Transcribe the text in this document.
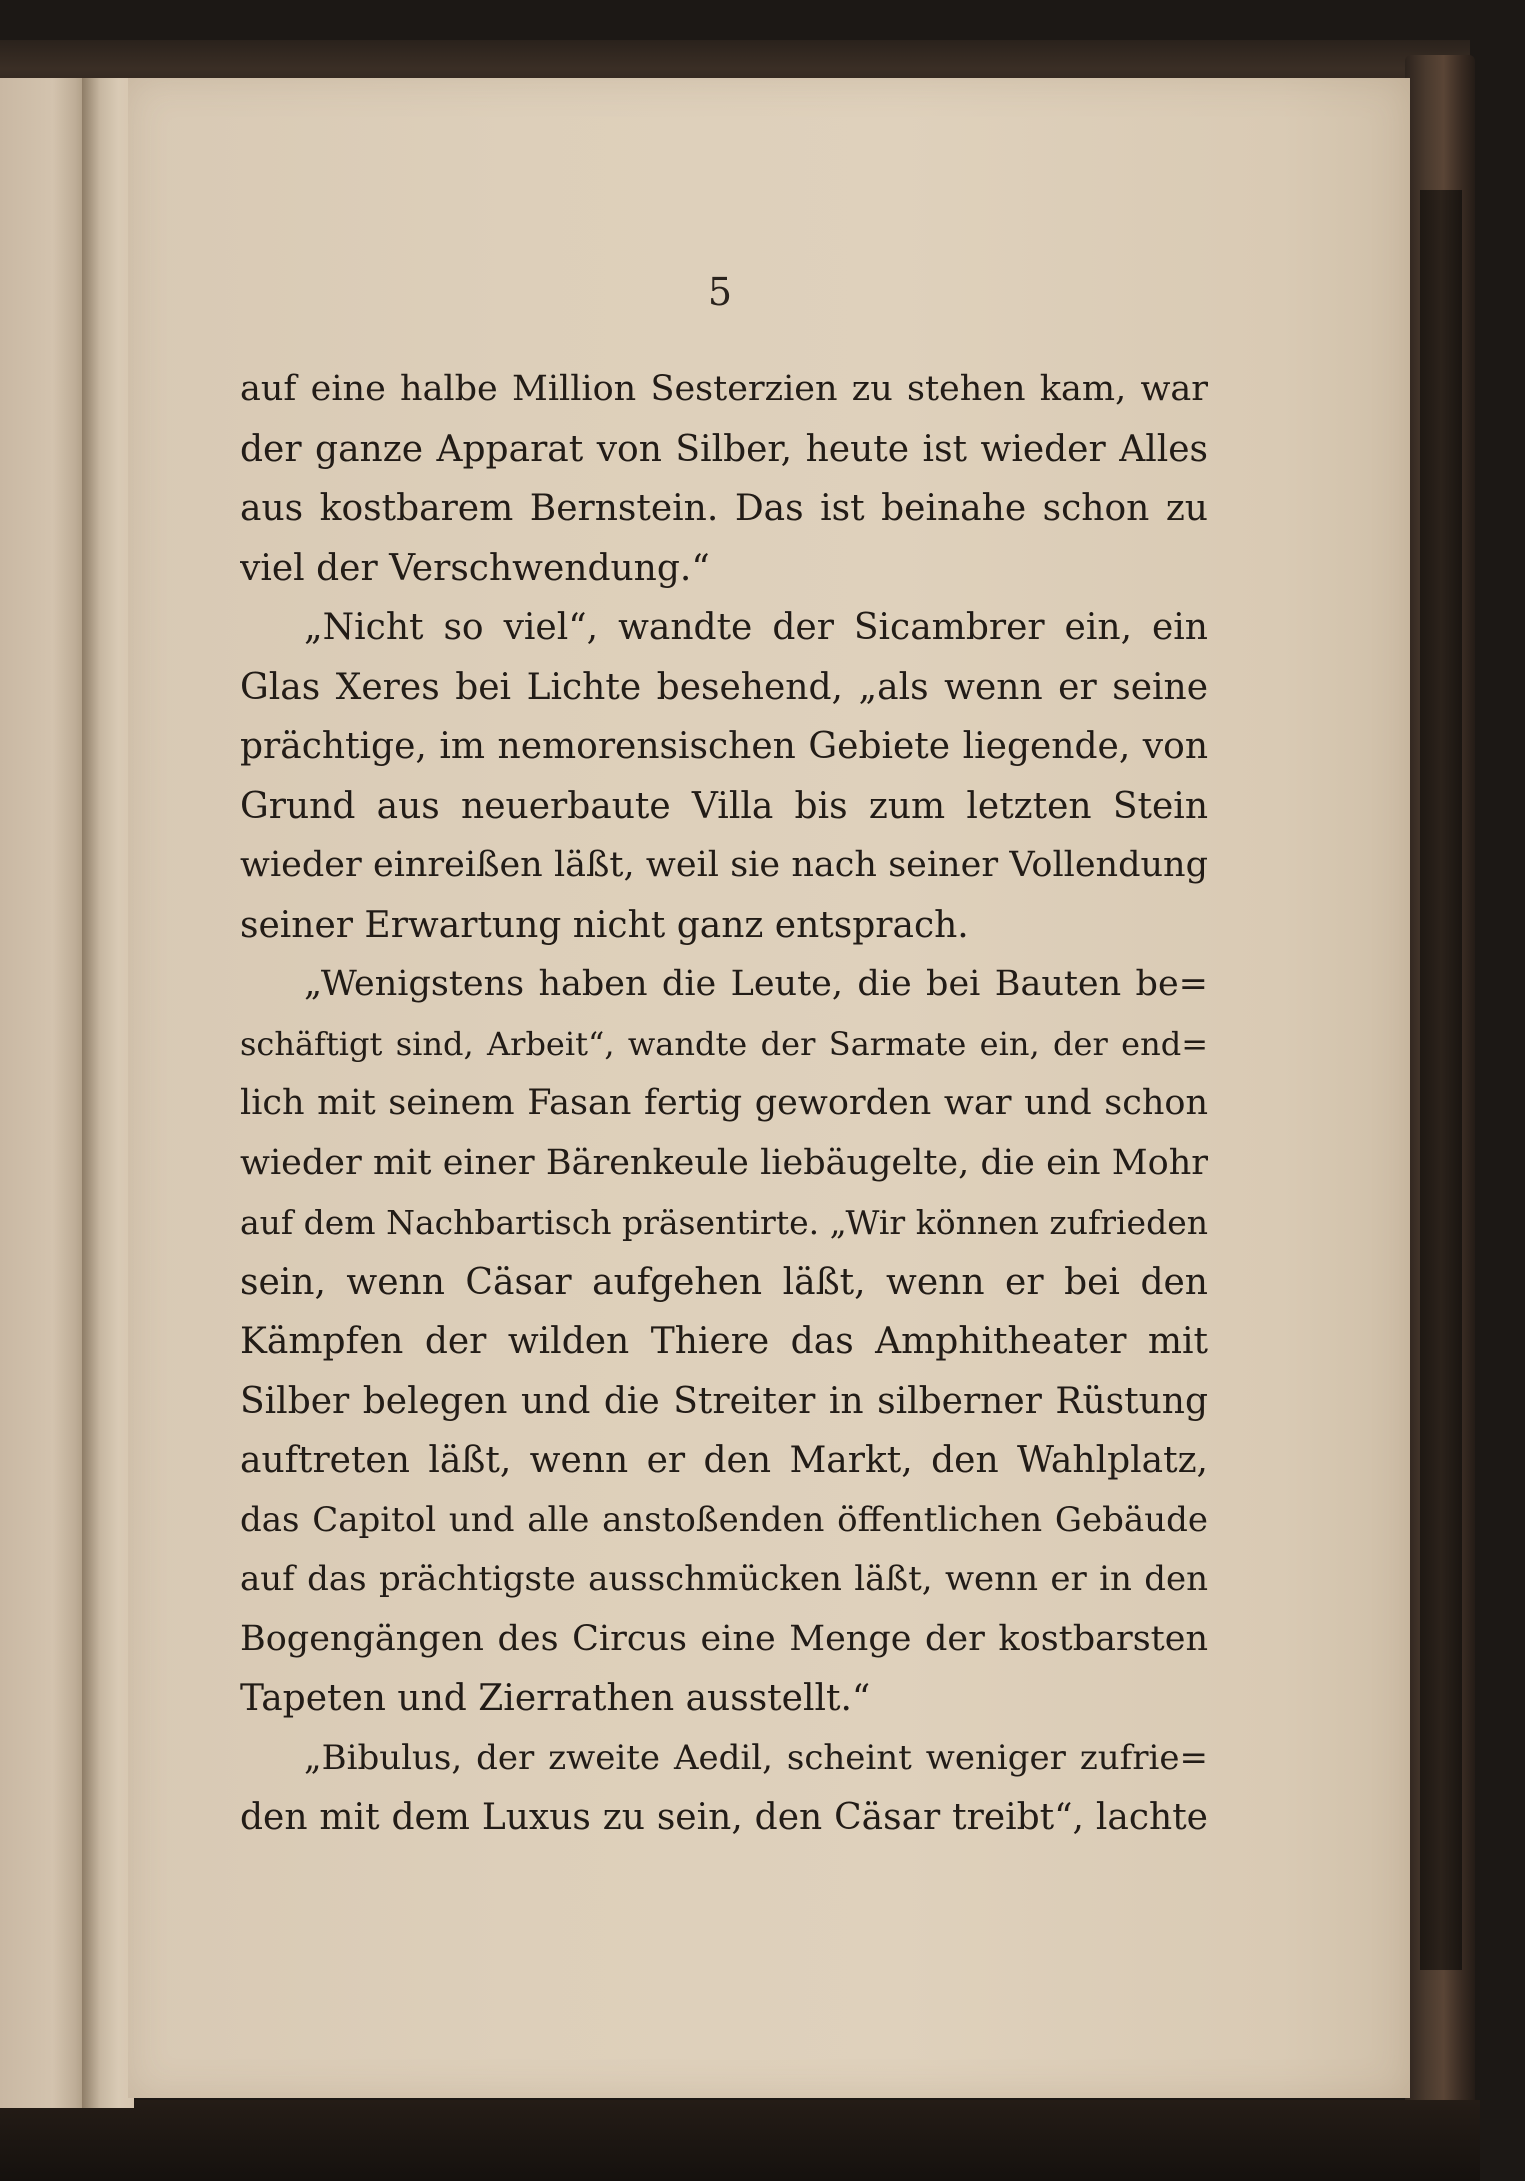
5
auf eine halbe Million Sesterzien zu stehen kam, war
der ganze Apparat von Silber, heute ist wieder Alles
aus kostbarem Bernstein. Das ist beinahe schon zu
viel der Verschwendung.“
„Nicht so viel“, wandte der Sicambrer ein, ein
Glas Xeres bei Lichte besehend, „als wenn er seine
prächtige, im nemorensischen Gebiete liegende, von
Grund aus neuerbaute Villa bis zum letzten Stein
wieder einreißen läßt, weil sie nach seiner Vollendung
seiner Erwartung nicht ganz entsprach.
„Wenigstens haben die Leute, die bei Bauten be=
schäftigt sind, Arbeit“, wandte der Sarmate ein, der end=
lich mit seinem Fasan fertig geworden war und schon
wieder mit einer Bärenkeule liebäugelte, die ein Mohr
auf dem Nachbartisch präsentirte. „Wir können zufrieden
sein, wenn Cäsar aufgehen läßt, wenn er bei den
Kämpfen der wilden Thiere das Amphitheater mit
Silber belegen und die Streiter in silberner Rüstung
auftreten läßt, wenn er den Markt, den Wahlplatz,
das Capitol und alle anstoßenden öffentlichen Gebäude
auf das prächtigste ausschmücken läßt, wenn er in den
Bogengängen des Circus eine Menge der kostbarsten
Tapeten und Zierrathen ausstellt.“
„Bibulus, der zweite Aedil, scheint weniger zufrie=
den mit dem Luxus zu sein, den Cäsar treibt“, lachte
